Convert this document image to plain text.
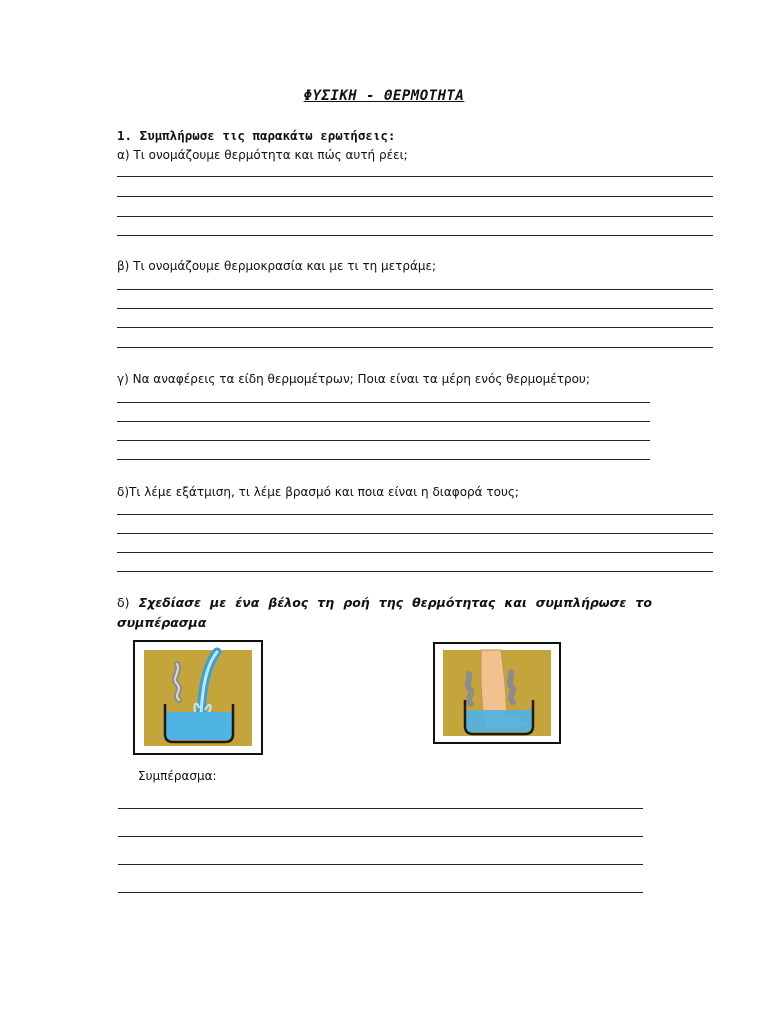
ΦΥΣΙΚΗ - ΘΕΡΜΟΤΗΤΑ
1. Συμπλήρωσε τις παρακάτω ερωτήσεις:
α) Τι ονομάζουμε θερμότητα και πώς αυτή ρέει;
β) Τι ονομάζουμε θερμοκρασία και με τι τη μετράμε;
γ) Να αναφέρεις τα είδη θερμομέτρων; Ποια είναι τα μέρη ενός θερμομέτρου;
δ)Τι λέμε εξάτμιση, τι λέμε βρασμό και ποια είναι η διαφορά τους;
δ) Σχεδίασε με ένα βέλος τη ροή της θερμότητας και συμπλήρωσε το συμπέρασμα
Συμπέρασμα:
